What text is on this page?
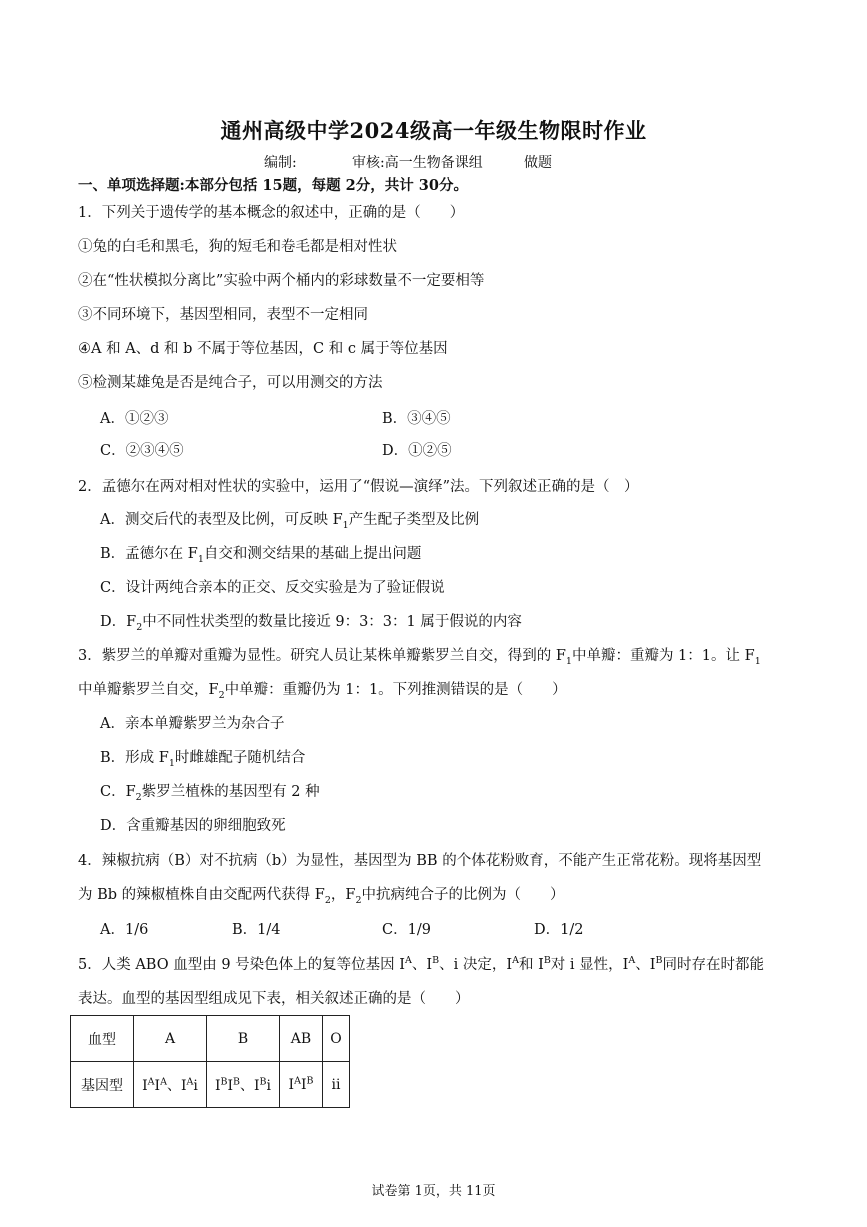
通州高级中学2024级高一年级生物限时作业
编制:	审核:高一生物备课组	做题
一、单项选择题:本部分包括 15题，每题 2分，共计 30分。
1．下列关于遗传学的基本概念的叙述中，正确的是（　　）
①兔的白毛和黑毛，狗的短毛和卷毛都是相对性状
②在“性状模拟分离比”实验中两个桶内的彩球数量不一定要相等
③不同环境下，基因型相同，表型不一定相同
④A 和 A、d 和 b 不属于等位基因，C 和 c 属于等位基因
⑤检测某雄兔是否是纯合子，可以用测交的方法
A．①②③	B．③④⑤
C．②③④⑤	D．①②⑤
2．孟德尔在两对相对性状的实验中，运用了“假说—演绎”法。下列叙述正确的是（　）
A．测交后代的表型及比例，可反映 $F_1$产生配子类型及比例
B．孟德尔在 $F_1$自交和测交结果的基础上提出问题
C．设计两纯合亲本的正交、反交实验是为了验证假说
D．$F_2$中不同性状类型的数量比接近 9：3：3：1 属于假说的内容
3．紫罗兰的单瓣对重瓣为显性。研究人员让某株单瓣紫罗兰自交，得到的 $F_1$中单瓣：重瓣为 1：1。让 $F_1$
中单瓣紫罗兰自交，$F_2$中单瓣：重瓣仍为 1：1。下列推测错误的是（　　）
A．亲本单瓣紫罗兰为杂合子
B．形成 $F_1$时雌雄配子随机结合
C．$F_2$紫罗兰植株的基因型有 2 种
D．含重瓣基因的卵细胞致死
4．辣椒抗病（B）对不抗病（b）为显性，基因型为 BB 的个体花粉败育，不能产生正常花粉。现将基因型
为 Bb 的辣椒植株自由交配两代获得 $F_2$，$F_2$中抗病纯合子的比例为（　　）
A．1/6	B．1/4	C．1/9	D．1/2
5．人类 ABO 血型由 9 号染色体上的复等位基因 $I^A$、$I^B$、i 决定，$I^A$和 $I^B$对 i 显性，$I^A$、$I^B$同时存在时都能
表达。血型的基因型组成见下表，相关叙述正确的是（　　）
血型	A	B	AB	O
基因型	$I^AI^A$、$I^Ai$	$I^BI^B$、$I^Bi$	$I^AI^B$	ii
试卷第 1页，共 11页
